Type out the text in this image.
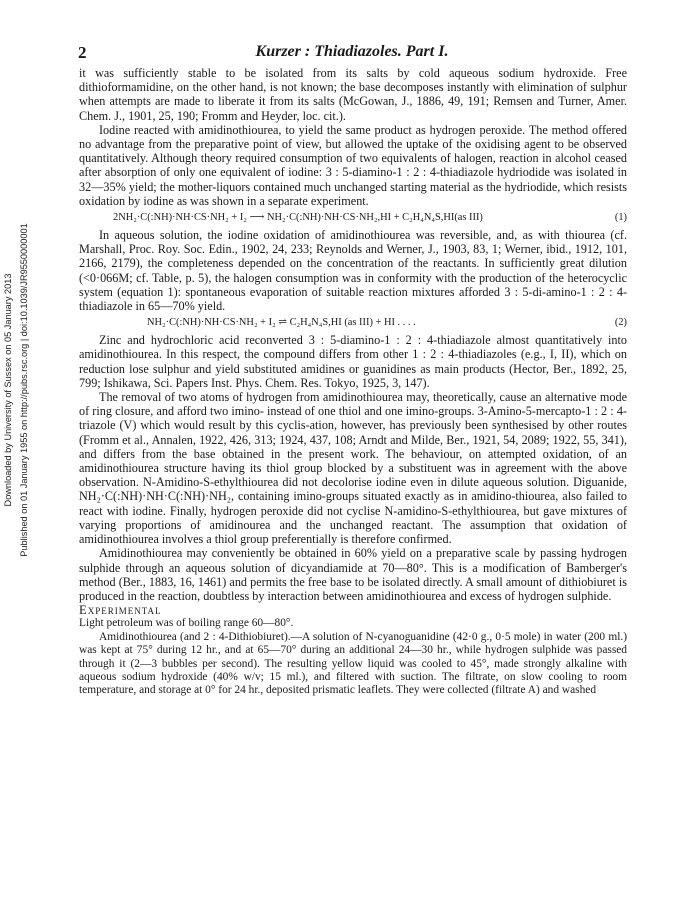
Downloaded by University of Sussex on 05 January 2013 Published on 01 January 1955 on http://pubs.rsc.org | doi:10.1039/JR9550000001
2	Kurzer : Thiadiazoles. Part I.

it was sufficiently stable to be isolated from its salts by cold aqueous sodium hydroxide. Free dithioformamidine, on the other hand, is not known; the base decomposes instantly with elimination of sulphur when attempts are made to liberate it from its salts (McGowan, J., 1886, 49, 191; Remsen and Turner, Amer. Chem. J., 1901, 25, 190; Fromm and Heyder, loc. cit.).

Iodine reacted with amidinothiourea, to yield the same product as hydrogen peroxide. The method offered no advantage from the preparative point of view, but allowed the uptake of the oxidising agent to be observed quantitatively. Although theory required consumption of two equivalents of halogen, reaction in alcohol ceased after absorption of only one equivalent of iodine: 3 : 5-diamino-1 : 2 : 4-thiadiazole hydriodide was isolated in 32—35% yield; the mother-liquors contained much unchanged starting material as the hydriodide, which resists oxidation by iodine as was shown in a separate experiment.

2NH₂·C(:NH)·NH·CS·NH₂ + I₂ ⟶ NH₂·C(:NH)·NH·CS·NH₂,HI + C₂H₄N₄S,HI(as III)	(1)

In aqueous solution, the iodine oxidation of amidinothiourea was reversible, and, as with thiourea (cf. Marshall, Proc. Roy. Soc. Edin., 1902, 24, 233; Reynolds and Werner, J., 1903, 83, 1; Werner, ibid., 1912, 101, 2166, 2179), the completeness depended on the concentration of the reactants. In sufficiently great dilution (<0·066M; cf. Table, p. 5), the halogen consumption was in conformity with the production of the heterocyclic system (equation 1): spontaneous evaporation of suitable reaction mixtures afforded 3 : 5-di-amino-1 : 2 : 4-thiadiazole in 65—70% yield.

NH₂·C(:NH)·NH·CS·NH₂ + I₂ ⇌ C₂H₄N₄S,HI (as III) + HI . . . .	(2)

Zinc and hydrochloric acid reconverted 3 : 5-diamino-1 : 2 : 4-thiadiazole almost quantitatively into amidinothiourea. In this respect, the compound differs from other 1 : 2 : 4-thiadiazoles (e.g., I, II), which on reduction lose sulphur and yield substituted amidines or guanidines as main products (Hector, Ber., 1892, 25, 799; Ishikawa, Sci. Papers Inst. Phys. Chem. Res. Tokyo, 1925, 3, 147).

The removal of two atoms of hydrogen from amidinothiourea may, theoretically, cause an alternative mode of ring closure, and afford two imino- instead of one thiol and one imino-groups. 3-Amino-5-mercapto-1 : 2 : 4-triazole (V) which would result by this cyclis-ation, however, has previously been synthesised by other routes (Fromm et al., Annalen, 1922, 426, 313; 1924, 437, 108; Arndt and Milde, Ber., 1921, 54, 2089; 1922, 55, 341), and differs from the base obtained in the present work. The behaviour, on attempted oxidation, of an amidinothiourea structure having its thiol group blocked by a substituent was in agreement with the above observation. N-Amidino-S-ethylthiourea did not decolorise iodine even in dilute aqueous solution. Diguanide, NH₂·C(:NH)·NH·C(:NH)·NH₂, containing imino-groups situated exactly as in amidino-thiourea, also failed to react with iodine. Finally, hydrogen peroxide did not cyclise N-amidino-S-ethylthiourea, but gave mixtures of varying proportions of amidinourea and the unchanged reactant. The assumption that oxidation of amidinothiourea involves a thiol group preferentially is therefore confirmed.

Amidinothiourea may conveniently be obtained in 60% yield on a preparative scale by passing hydrogen sulphide through an aqueous solution of dicyandiamide at 70—80°. This is a modification of Bamberger's method (Ber., 1883, 16, 1461) and permits the free base to be isolated directly. A small amount of dithiobiuret is produced in the reaction, doubtless by interaction between amidinothiourea and excess of hydrogen sulphide.

Experimental

Light petroleum was of boiling range 60—80°.

Amidinothiourea (and 2 : 4-Dithiobiuret).—A solution of N-cyanoguanidine (42·0 g., 0·5 mole) in water (200 ml.) was kept at 75° during 12 hr., and at 65—70° during an additional 24—30 hr., while hydrogen sulphide was passed through it (2—3 bubbles per second). The resulting yellow liquid was cooled to 45°, made strongly alkaline with aqueous sodium hydroxide (40% w/v; 15 ml.), and filtered with suction. The filtrate, on slow cooling to room temperature, and storage at 0° for 24 hr., deposited prismatic leaflets. They were collected (filtrate A) and washed
